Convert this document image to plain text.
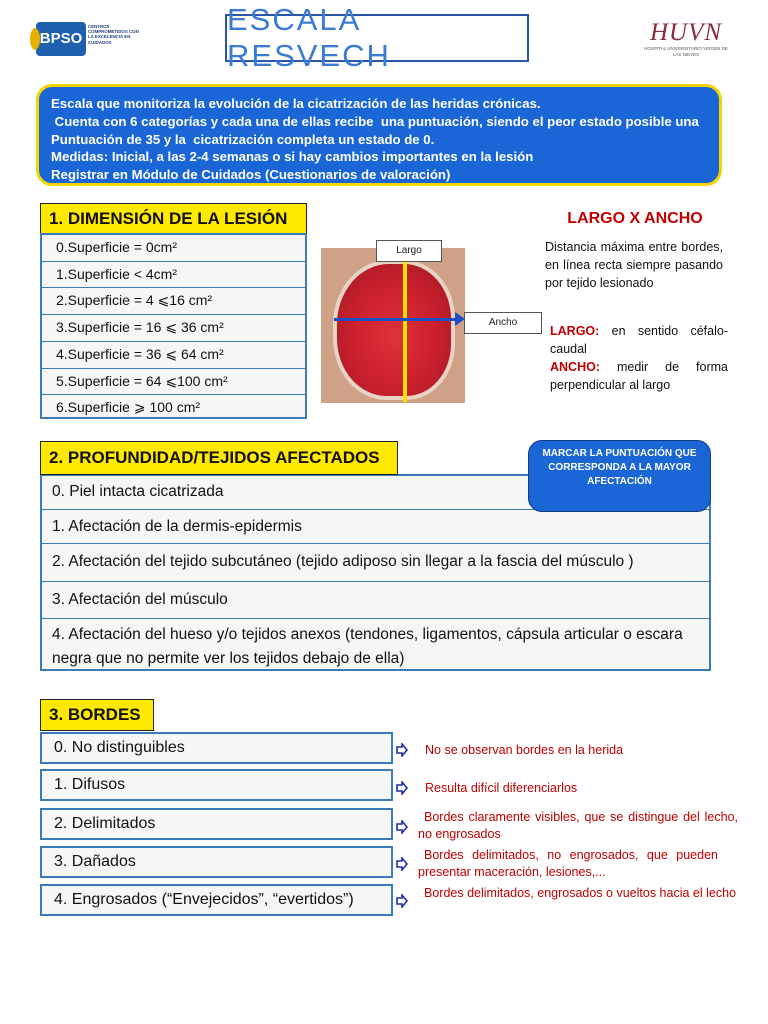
BPSO
CENTROS COMPROMETIDOS CON LA EXCELENCIA EN CUIDADOS
ESCALA RESVECH
HUVN
HOSPITAL UNIVERSITARIO VIRGEN DE LAS NIEVES
Escala que monitoriza la evolución de la cicatrización de las heridas crónicas.
Cuenta con 6 categorías y cada una de ellas recibe  una puntuación, siendo el peor estado posible una
Puntuación de 35 y la  cicatrización completa un estado de 0.
Medidas: Inicial, a las 2-4 semanas o si hay cambios importantes en la lesión
Registrar en Módulo de Cuidados (Cuestionarios de valoración)
1. DIMENSIÓN DE LA LESIÓN
0.Superficie = 0cm²
1.Superficie < 4cm²
2.Superficie = 4 ⩽16 cm²
3.Superficie = 16 ⩽ 36 cm²
4.Superficie = 36 ⩽ 64 cm²
5.Superficie = 64 ⩽100 cm²
6.Superficie ⩾ 100 cm²
Largo
Ancho
LARGO X ANCHO
Distancia máxima entre bordes, en línea recta siempre pasando por tejido lesionado
LARGO: en sentido céfalo-caudal
ANCHO: medir de forma perpendicular al largo
0. Piel intacta cicatrizada
1. Afectación de la dermis-epidermis
2. Afectación del tejido subcutáneo (tejido adiposo sin llegar a la fascia del músculo )
3. Afectación del músculo
4. Afectación del hueso y/o tejidos anexos (tendones, ligamentos, cápsula articular o escara
negra que no permite ver los tejidos debajo de ella)
2. PROFUNDIDAD/TEJIDOS AFECTADOS	MARCAR LA PUNTUACIÓN QUE CORRESPONDA A LA MAYOR AFECTACIÓN
3. BORDES
0. No distinguibles
1. Difusos
2. Delimitados
3. Dañados
4. Engrosados (“Envejecidos”, “evertidos”)
No se observan bordes en la herida
Resulta difícil diferenciarlos
Bordes claramente visibles, que se distingue del lecho, no engrosados
Bordes delimitados, no engrosados, que pueden presentar maceración, lesiones,...
Bordes delimitados, engrosados o vueltos hacia el lecho
